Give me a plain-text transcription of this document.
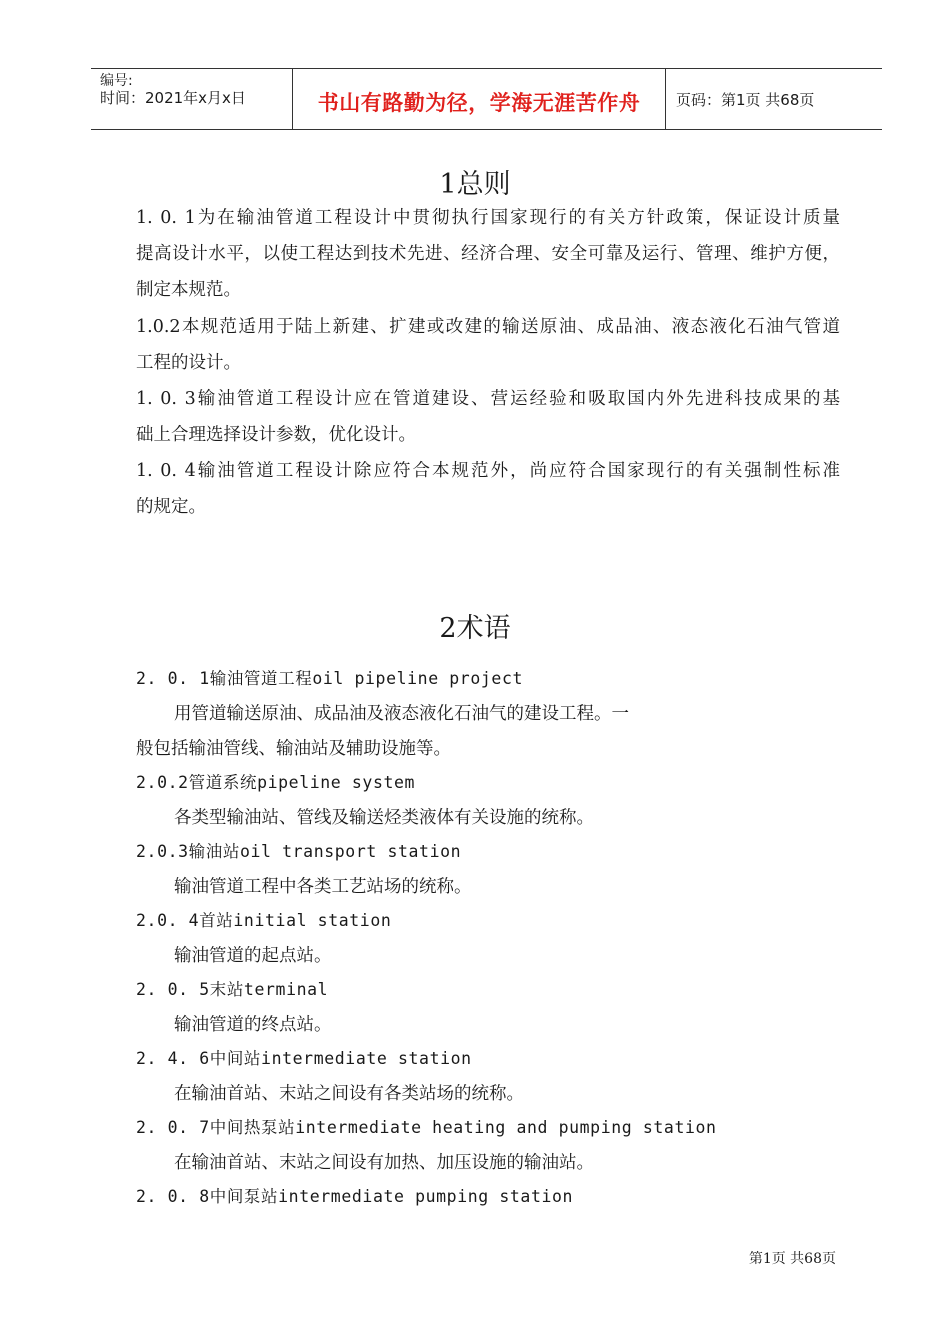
编号:
时间：2021年x月x日	书山有路勤为径，学海无涯苦作舟	页码：第1页 共68页
1总则
1. 0. 1为在输油管道工程设计中贯彻执行国家现行的有关方针政策，保证设计质量
提高设计水平，以使工程达到技术先进、经济合理、安全可靠及运行、管理、维护方便，
制定本规范。
1.0.2本规范适用于陆上新建、扩建或改建的输送原油、成品油、液态液化石油气管道
工程的设计。
1. 0. 3输油管道工程设计应在管道建设、营运经验和吸取国内外先进科技成果的基
础上合理选择设计参数，优化设计。
1. 0. 4输油管道工程设计除应符合本规范外，尚应符合国家现行的有关强制性标准
的规定。
2术语
2. 0. 1输油管道工程oil pipeline project
用管道输送原油、成品油及液态液化石油气的建设工程。一
般包括输油管线、输油站及辅助设施等。
2.0.2管道系统pipeline system
各类型输油站、管线及输送烃类液体有关设施的统称。
2.0.3输油站oil transport station
输油管道工程中各类工艺站场的统称。
2.0. 4首站initial station
输油管道的起点站。
2. 0. 5末站terminal
输油管道的终点站。
2. 4. 6中间站intermediate station
在输油首站、末站之间设有各类站场的统称。
2. 0. 7中间热泵站intermediate heating and pumping station
在输油首站、末站之间设有加热、加压设施的输油站。
2. 0. 8中间泵站intermediate pumping station
第1页 共68页
